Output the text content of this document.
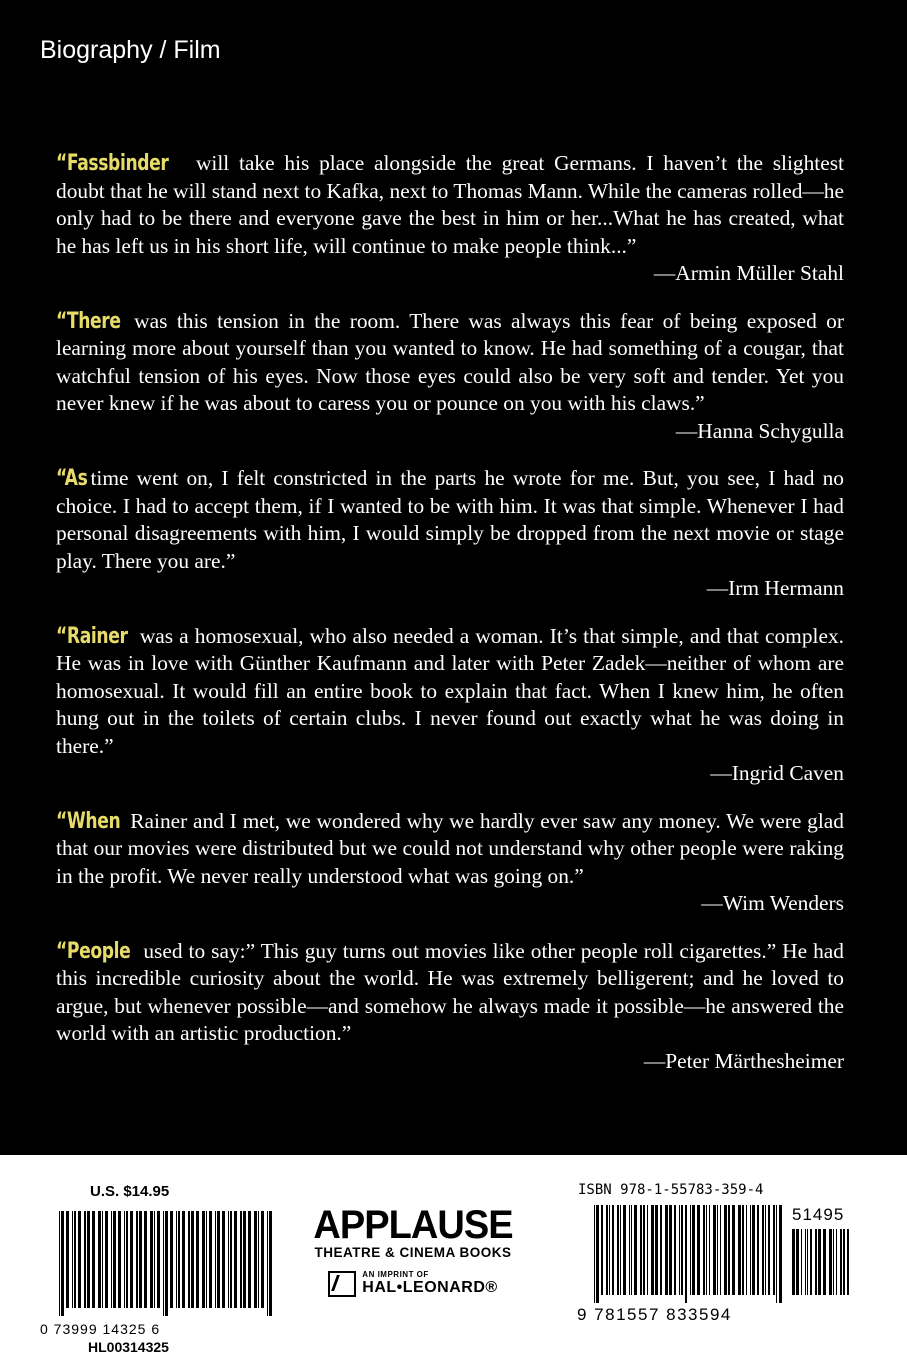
Biography / Film
“Fassbinder will take his place alongside the great Germans. I haven’t the slightest doubt that he will stand next to Kafka, next to Thomas Mann. While the cameras rolled—he only had to be there and everyone gave the best in him or her...What he has created, what he has left us in his short life, will continue to make people think...”
—Armin Müller Stahl
“There was this tension in the room. There was always this fear of being exposed or learning more about yourself than you wanted to know. He had something of a cougar, that watchful tension of his eyes. Now those eyes could also be very soft and tender. Yet you never knew if he was about to caress you or pounce on you with his claws.”
—Hanna Schygulla
“As time went on, I felt constricted in the parts he wrote for me. But, you see, I had no choice. I had to accept them, if I wanted to be with him. It was that simple. Whenever I had personal disagreements with him, I would simply be dropped from the next movie or stage play. There you are.”
—Irm Hermann
“Rainer was a homosexual, who also needed a woman. It’s that simple, and that complex. He was in love with Günther Kaufmann and later with Peter Zadek—neither of whom are homosexual. It would fill an entire book to explain that fact. When I knew him, he often hung out in the toilets of certain clubs. I never found out exactly what he was doing in there.”
—Ingrid Caven
“When Rainer and I met, we wondered why we hardly ever saw any money. We were glad that our movies were distributed but we could not understand why other people were raking in the profit. We never really understood what was going on.”
—Wim Wenders
“People used to say:” This guy turns out movies like other people roll cigarettes.” He had this incredible curiosity about the world. He was extremely belligerent; and he loved to argue, but whenever possible—and somehow he always made it possible—he answered the world with an artistic production.”
—Peter Märthesheimer
U.S. $14.95
0 73999 14325 6
HL00314325
APPLAUSE
THEATRE & CINEMA BOOKS
AN IMPRINT OF
HAL•LEONARD®
ISBN 978-1-55783-359-4
51495
9 781557 833594
